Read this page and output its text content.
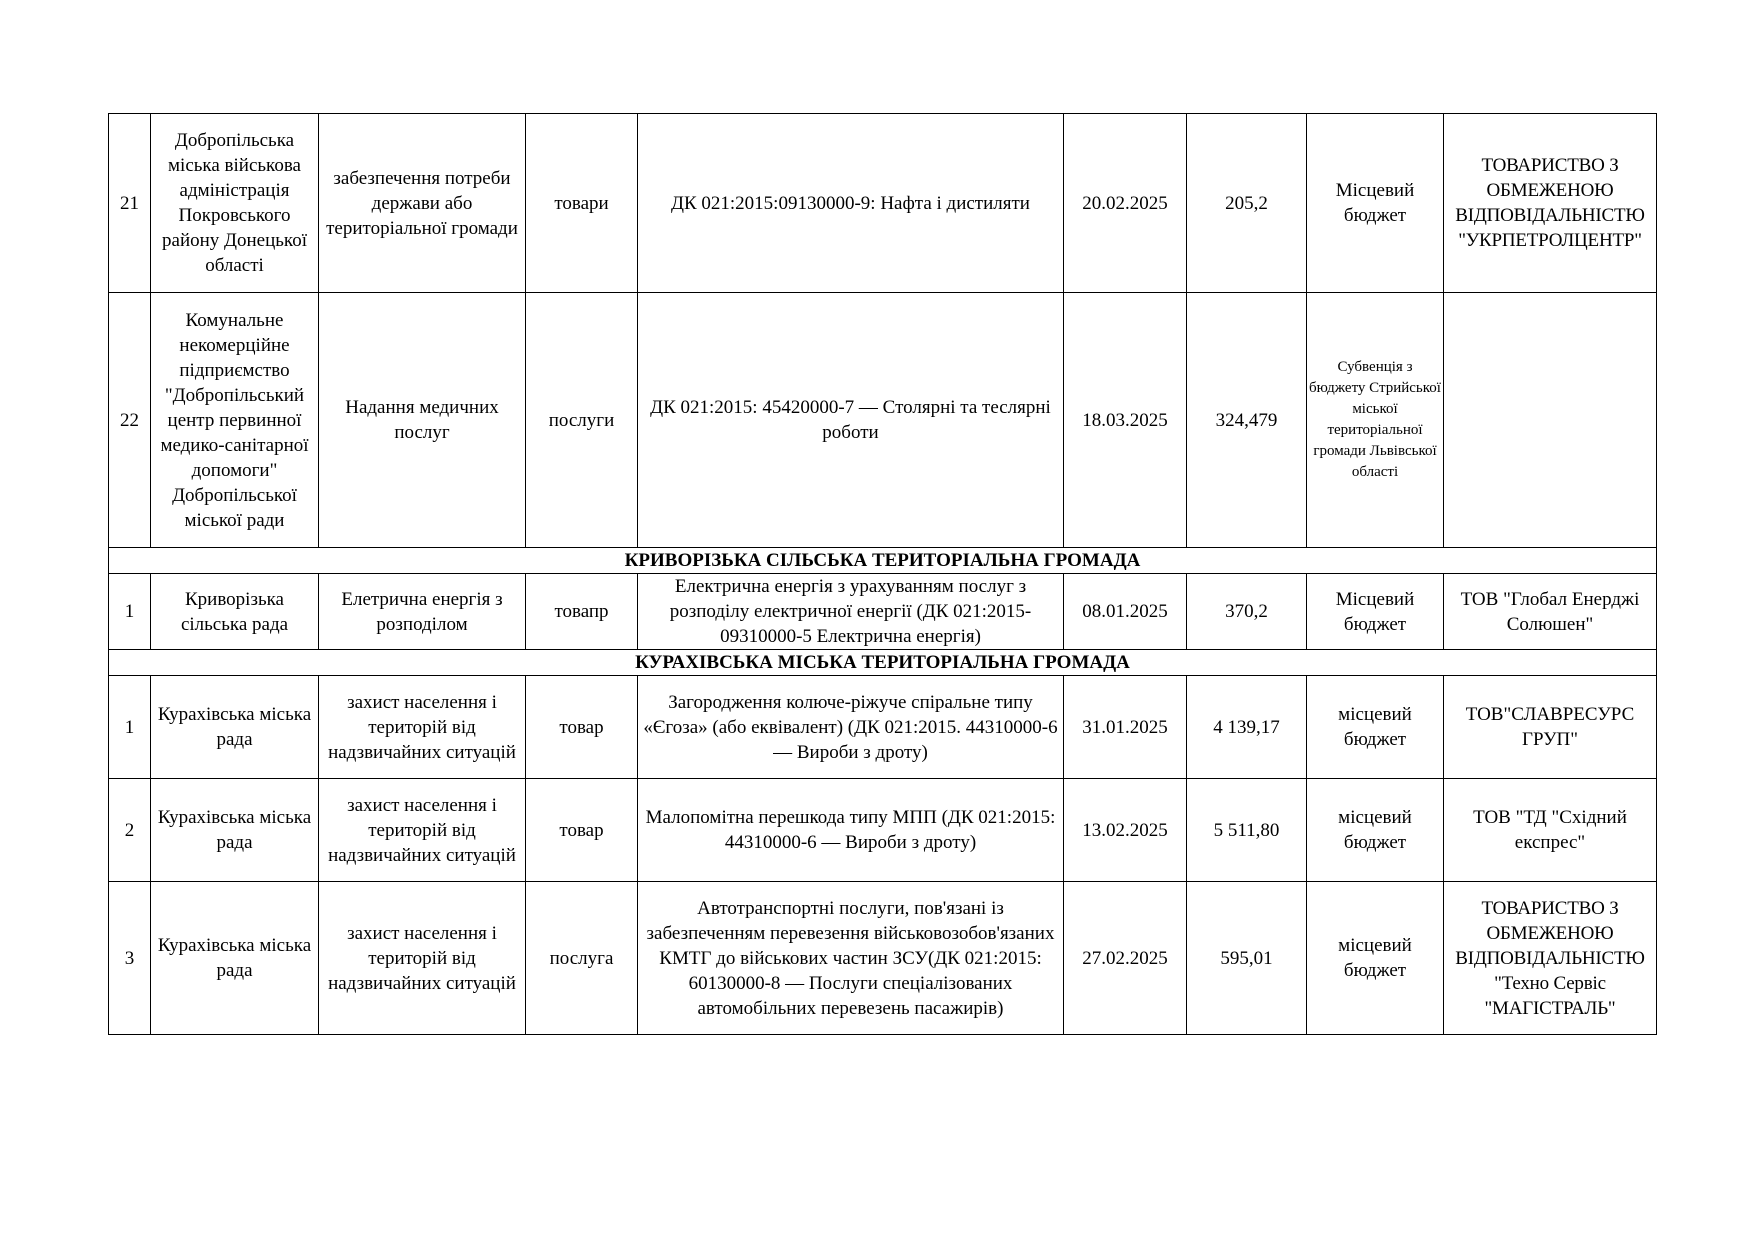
21	Добропільська міська військова адміністрація Покровського району Донецької області	забезпечення потреби держави або територіальної громади	товари	ДК 021:2015:09130000-9: Нафта і дистиляти	20.02.2025	205,2	Місцевий бюджет	ТОВАРИСТВО З ОБМЕЖЕНОЮ ВІДПОВІДАЛЬНІСТЮ "УКРПЕТРОЛЦЕНТР"
22	Комунальне некомерційне підприємство "Добропільський центр первинної медико-санітарної допомоги" Добропільської міської ради	Надання медичних послуг	послуги	ДК 021:2015: 45420000-7 — Столярні та теслярні роботи	18.03.2025	324,479	Субвенція з бюджету Стрийської міської територіальної громади Львівської області	
КРИВОРІЗЬКА СІЛЬСЬКА ТЕРИТОРІАЛЬНА ГРОМАДА								
1	Криворізька сільська рада	Елетрична енергія з розподілом	товапр	Електрична енергія з урахуванням послуг з розподілу електричної енергії (ДК 021:2015-09310000-5 Електрична енергія)	08.01.2025	370,2	Місцевий бюджет	ТОВ "Глобал Енерджі Солюшен"
КУРАХІВСЬКА МІСЬКА ТЕРИТОРІАЛЬНА ГРОМАДА								
1	Курахівська міська рада	захист населення і територій від надзвичайних ситуацій	товар	Загородження колюче-ріжуче спіральне типу «Єгоза» (або еквівалент) (ДК 021:2015. 44310000-6 — Вироби з дроту)	31.01.2025	4 139,17	місцевий бюджет	ТОВ"СЛАВРЕСУРС ГРУП"
2	Курахівська міська рада	захист населення і територій від надзвичайних ситуацій	товар	Малопомітна перешкода типу МПП (ДК 021:2015: 44310000-6 — Вироби з дроту)	13.02.2025	5 511,80	місцевий бюджет	ТОВ "ТД "Східний експрес"
3	Курахівська міська рада	захист населення і територій від надзвичайних ситуацій	послуга	Автотранспортні послуги, пов'язані із забезпеченням перевезення військовозобов'язаних КМТГ до військових частин ЗСУ(ДК 021:2015: 60130000-8 — Послуги спеціалізованих автомобільних перевезень пасажирів)	27.02.2025	595,01	місцевий бюджет	ТОВАРИСТВО З ОБМЕЖЕНОЮ ВІДПОВІДАЛЬНІСТЮ "Техно Сервіс "МАГІСТРАЛЬ"
